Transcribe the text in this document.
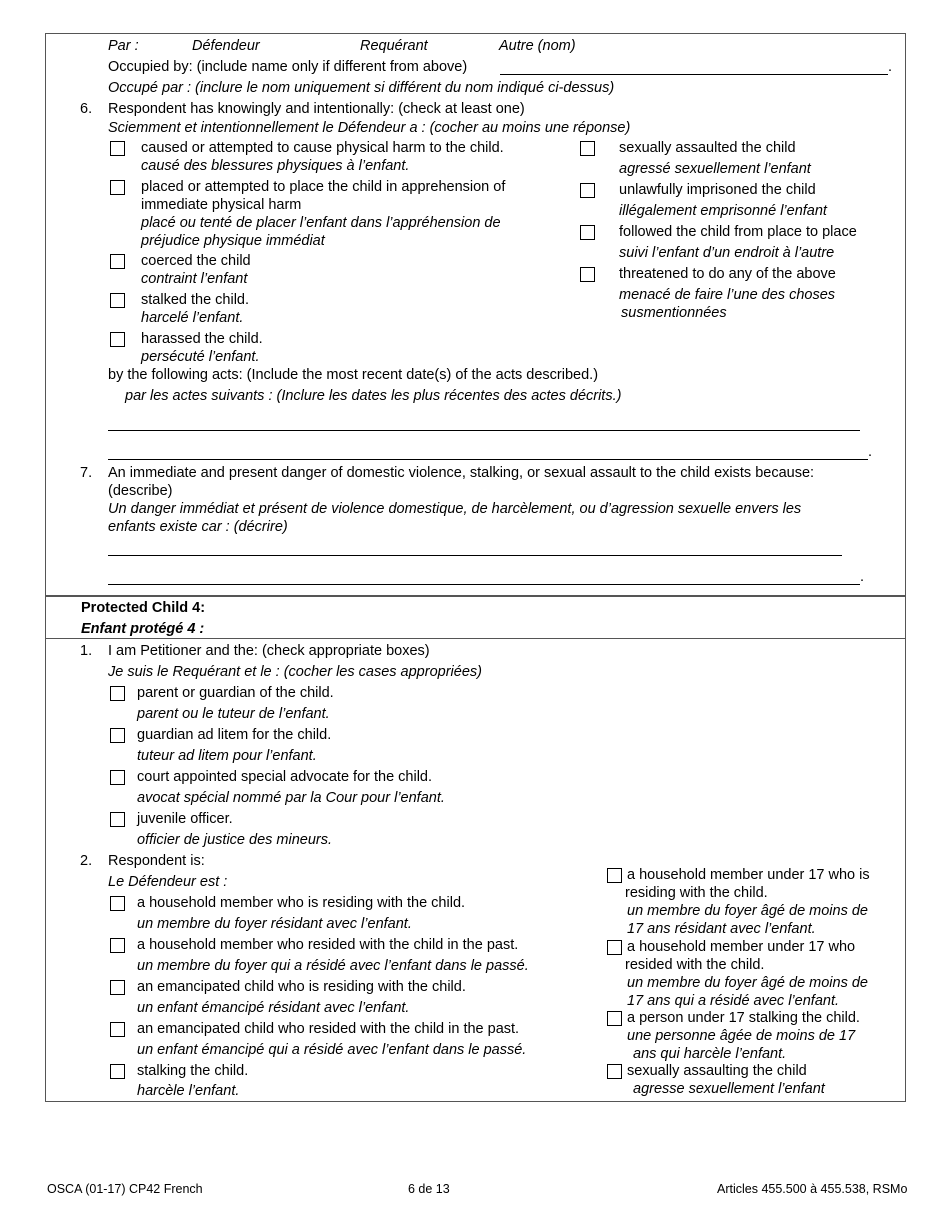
Par :	Défendeur	Requérant	Autre (nom)
Occupied by: (include name only if different from above)	.
Occupé par : (inclure le nom uniquement si différent du nom indiqué ci-dessus)
6. Respondent has knowingly and intentionally: (check at least one)
Sciemment et intentionnellement le Défendeur a : (cocher au moins une réponse)
caused or attempted to cause physical harm to the child.
causé des blessures physiques à l’enfant.
placed or attempted to place the child in apprehension of
immediate physical harm
placé ou tenté de placer l’enfant dans l’appréhension de
préjudice physique immédiat
coerced the child
contraint l’enfant
stalked the child.
harcelé l’enfant.
harassed the child.
persécuté l’enfant.
sexually assaulted the child
agressé sexuellement l’enfant
unlawfully imprisoned the child
illégalement emprisonné l’enfant
followed the child from place to place
suivi l’enfant d’un endroit à l’autre
threatened to do any of the above
menacé de faire l’une des choses
susmentionnées
by the following acts: (Include the most recent date(s) of the acts described.)
par les actes suivants : (Inclure les dates les plus récentes des actes décrits.)
.
7. An immediate and present danger of domestic violence, stalking, or sexual assault to the child exists because:
(describe)
Un danger immédiat et présent de violence domestique, de harcèlement, ou d’agression sexuelle envers les
enfants existe car : (décrire)
.
Protected Child 4:
Enfant protégé 4 :
1. I am Petitioner and the: (check appropriate boxes)
Je suis le Requérant et le : (cocher les cases appropriées)
parent or guardian of the child.
parent ou le tuteur de l’enfant.
guardian ad litem for the child.
tuteur ad litem pour l’enfant.
court appointed special advocate for the child.
avocat spécial nommé par la Cour pour l’enfant.
juvenile officer.
officier de justice des mineurs.
2. Respondent is:
Le Défendeur est :
a household member who is residing with the child.
un membre du foyer résidant avec l’enfant.
a household member who resided with the child in the past.
un membre du foyer qui a résidé avec l’enfant dans le passé.
an emancipated child who is residing with the child.
un enfant émancipé résidant avec l’enfant.
an emancipated child who resided with the child in the past.
un enfant émancipé qui a résidé avec l’enfant dans le passé.
stalking the child.
harcèle l’enfant.
a household member under 17 who is
residing with the child.
un membre du foyer âgé de moins de
17 ans résidant avec l’enfant.
a household member under 17 who
resided with the child.
un membre du foyer âgé de moins de
17 ans qui a résidé avec l’enfant.
a person under 17 stalking the child.
une personne âgée de moins de 17
ans qui harcèle l’enfant.
sexually assaulting the child
agresse sexuellement l’enfant
OSCA (01-17) CP42 French	6 de 13	Articles 455.500 à 455.538, RSMo
